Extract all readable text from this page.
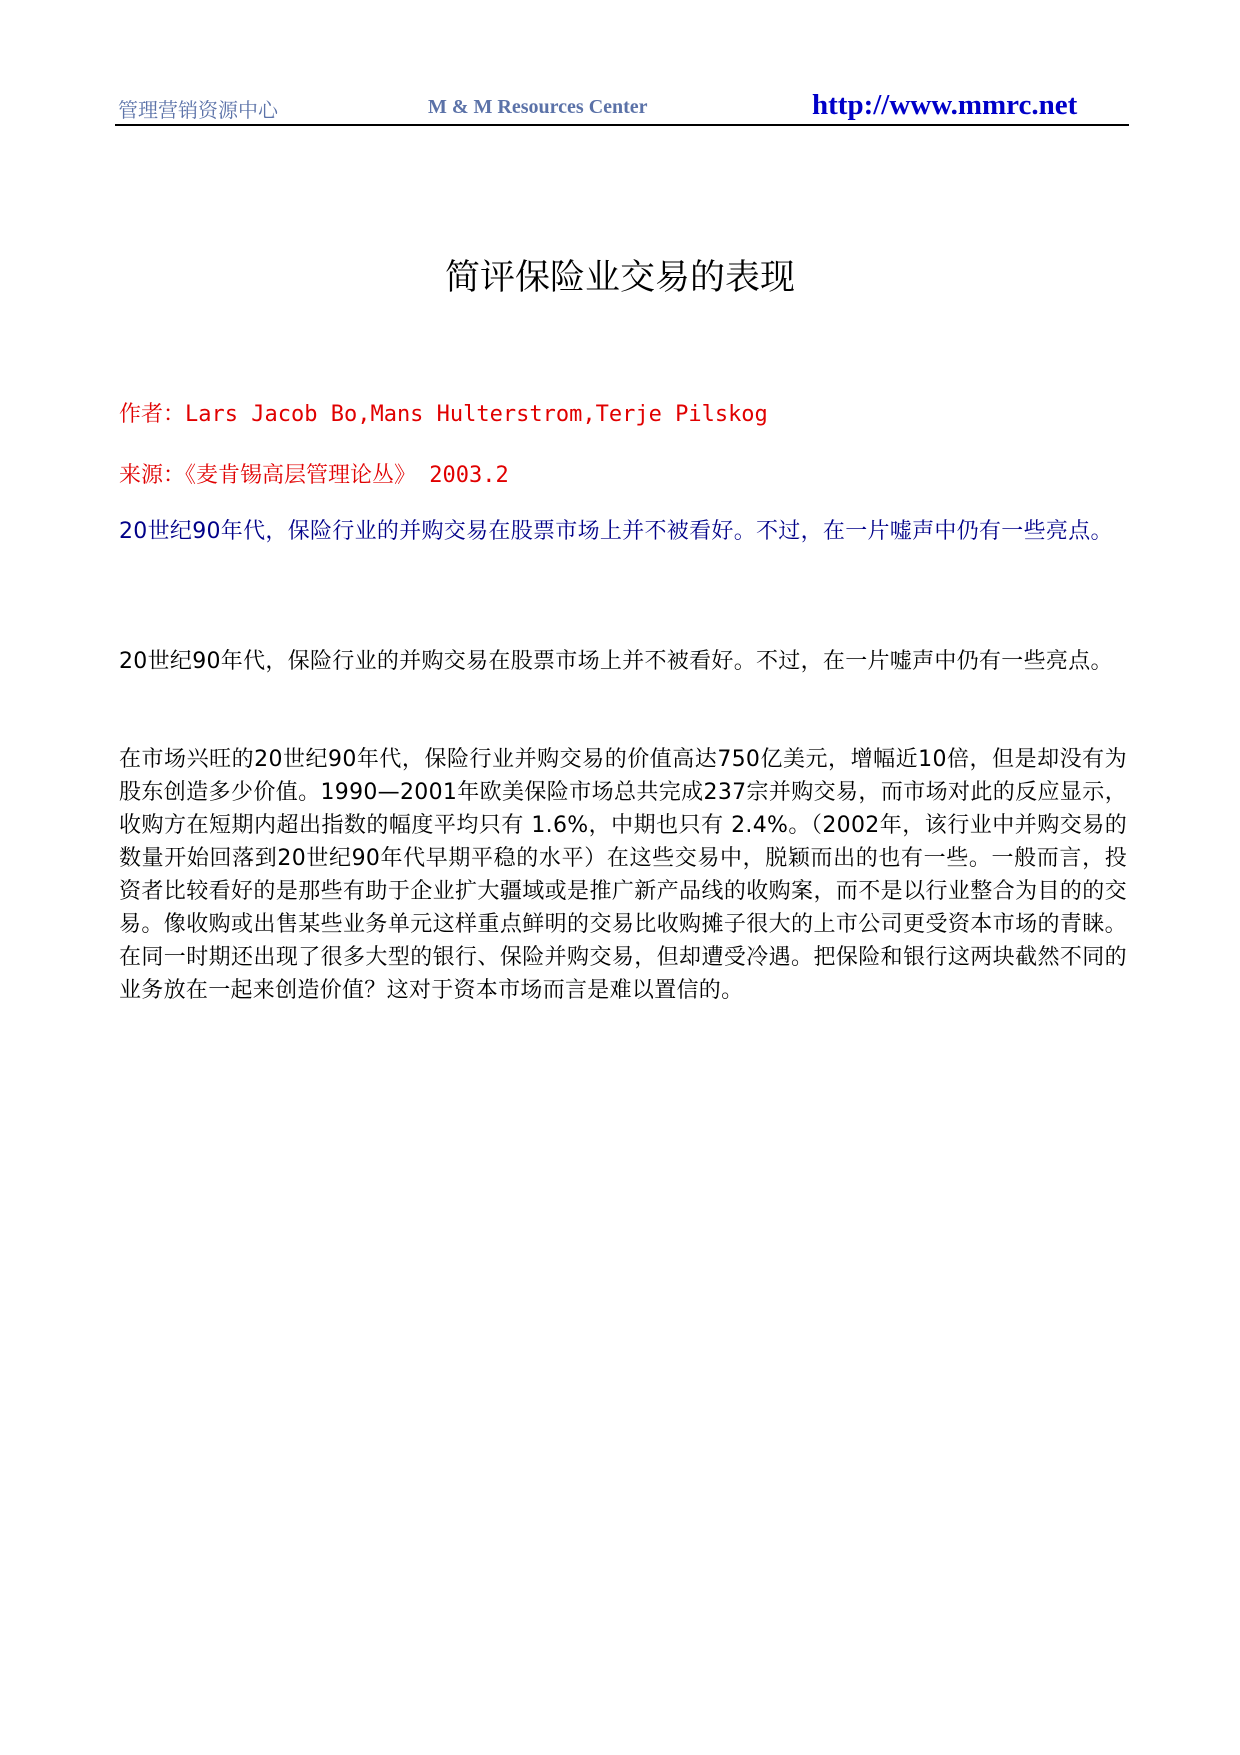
管理营销资源中心	M & M Resources Center	http://www.mmrc.net
简评保险业交易的表现
作者：Lars Jacob Bo,Mans Hulterstrom,Terje Pilskog
来源：《麦肯锡高层管理论丛》 2003.2
20世纪90年代，保险行业的并购交易在股票市场上并不被看好。不过，在一片嘘声中仍有一些亮点。
20世纪90年代，保险行业的并购交易在股票市场上并不被看好。不过，在一片嘘声中仍有一些亮点。
在市场兴旺的20世纪90年代，保险行业并购交易的价值高达750亿美元，增幅近10倍，但是却没有为股东创造多少价值。1990—2001年欧美保险市场总共完成237宗并购交易，而市场对此的反应显示，收购方在短期内超出指数的幅度平均只有 1.6%，中期也只有 2.4%。（2002年，该行业中并购交易的数量开始回落到20世纪90年代早期平稳的水平）在这些交易中，脱颖而出的也有一些。一般而言，投资者比较看好的是那些有助于企业扩大疆域或是推广新产品线的收购案，而不是以行业整合为目的的交易。像收购或出售某些业务单元这样重点鲜明的交易比收购摊子很大的上市公司更受资本市场的青睐。在同一时期还出现了很多大型的银行、保险并购交易，但却遭受冷遇。把保险和银行这两块截然不同的业务放在一起来创造价值？这对于资本市场而言是难以置信的。
